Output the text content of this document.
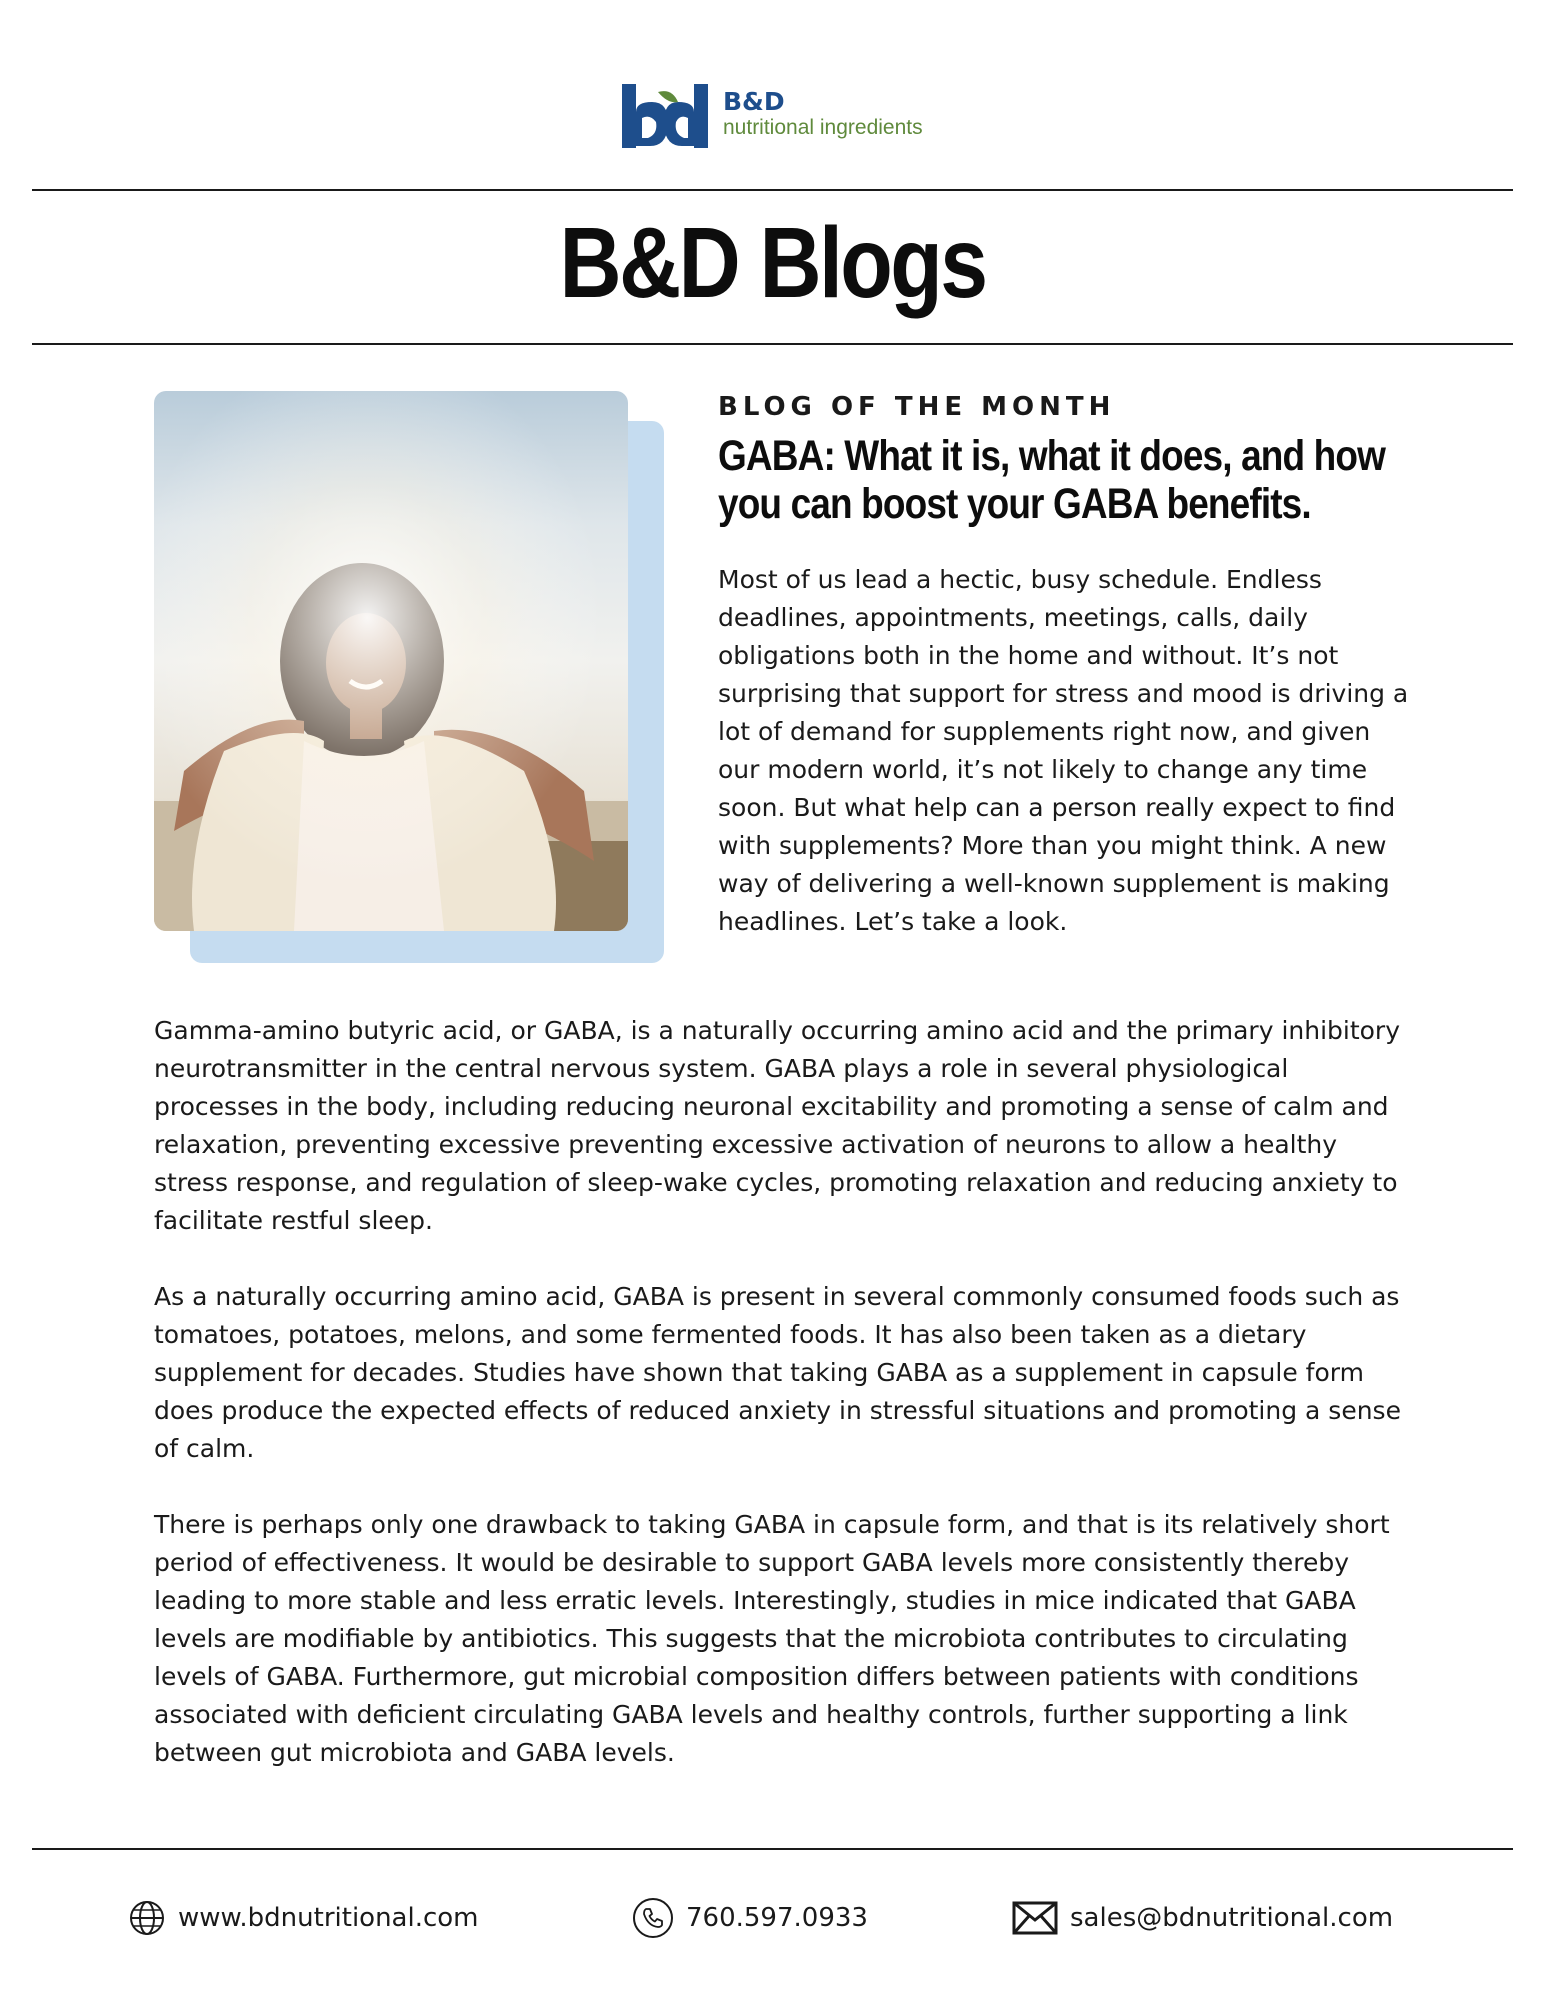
B&D
nutritional ingredients
B&D Blogs
BLOG OF THE MONTH
GABA: What it is, what it does, and how you can boost your GABA benefits.

Most of us lead a hectic, busy schedule. Endless deadlines, appointments, meetings, calls, daily obligations both in the home and without. It’s not surprising that support for stress and mood is driving a lot of demand for supplements right now, and given our modern world, it’s not likely to change any time soon. But what help can a person really expect to find with supplements? More than you might think. A new way of delivering a well-known supplement is making headlines. Let’s take a look.

Gamma-amino butyric acid, or GABA, is a naturally occurring amino acid and the primary inhibitory neurotransmitter in the central nervous system. GABA plays a role in several physiological processes in the body, including reducing neuronal excitability and promoting a sense of calm and relaxation, preventing excessive preventing excessive activation of neurons to allow a healthy stress response, and regulation of sleep-wake cycles, promoting relaxation and reducing anxiety to facilitate restful sleep.

As a naturally occurring amino acid, GABA is present in several commonly consumed foods such as tomatoes, potatoes, melons, and some fermented foods. It has also been taken as a dietary supplement for decades. Studies have shown that taking GABA as a supplement in capsule form does produce the expected effects of reduced anxiety in stressful situations and promoting a sense of calm.

There is perhaps only one drawback to taking GABA in capsule form, and that is its relatively short period of effectiveness. It would be desirable to support GABA levels more consistently thereby leading to more stable and less erratic levels. Interestingly, studies in mice indicated that GABA levels are modifiable by antibiotics. This suggests that the microbiota contributes to circulating levels of GABA. Furthermore, gut microbial composition differs between patients with conditions associated with deficient circulating GABA levels and healthy controls, further supporting a link between gut microbiota and GABA levels.

www.bdnutritional.com	760.597.0933	sales@bdnutritional.com
